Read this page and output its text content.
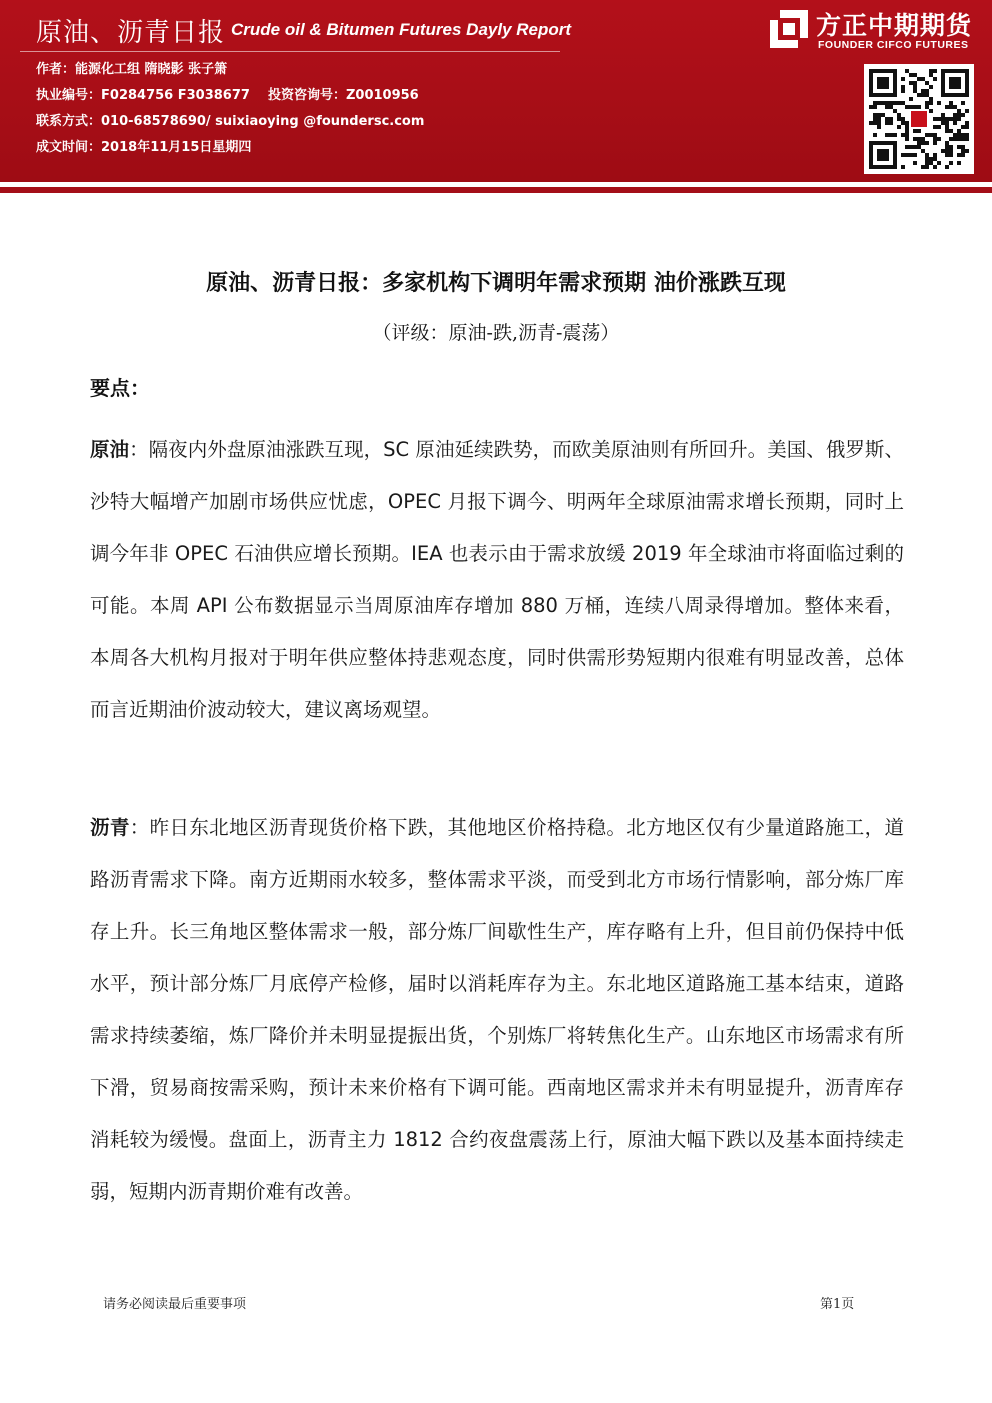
原油、沥青日报 Crude oil & Bitumen Futures Dayly Report
作者：能源化工组 隋晓影 张子箫
执业编号：F0284756 F3038677 投资咨询号：Z0010956
联系方式：010-68578690/ suixiaoying @foundersc.com
成文时间：2018年11月15日星期四
方正中期期货
FOUNDER CIFCO FUTURES
原油、沥青日报：多家机构下调明年需求预期 油价涨跌互现
（评级：原油-跌,沥青-震荡）
要点：
原油：隔夜内外盘原油涨跌互现，SC 原油延续跌势，而欧美原油则有所回升。美国、俄罗斯、沙特大幅增产加剧市场供应忧虑，OPEC 月报下调今、明两年全球原油需求增长预期，同时上调今年非 OPEC 石油供应增长预期。IEA 也表示由于需求放缓 2019 年全球油市将面临过剩的可能。本周 API 公布数据显示当周原油库存增加 880 万桶，连续八周录得增加。整体来看，本周各大机构月报对于明年供应整体持悲观态度，同时供需形势短期内很难有明显改善，总体而言近期油价波动较大，建议离场观望。
沥青：昨日东北地区沥青现货价格下跌，其他地区价格持稳。北方地区仅有少量道路施工，道路沥青需求下降。南方近期雨水较多，整体需求平淡，而受到北方市场行情影响，部分炼厂库存上升。长三角地区整体需求一般，部分炼厂间歇性生产，库存略有上升，但目前仍保持中低水平，预计部分炼厂月底停产检修，届时以消耗库存为主。东北地区道路施工基本结束，道路需求持续萎缩，炼厂降价并未明显提振出货，个别炼厂将转焦化生产。山东地区市场需求有所下滑，贸易商按需采购，预计未来价格有下调可能。西南地区需求并未有明显提升，沥青库存消耗较为缓慢。盘面上，沥青主力 1812 合约夜盘震荡上行，原油大幅下跌以及基本面持续走弱，短期内沥青期价难有改善。
请务必阅读最后重要事项	第1页
